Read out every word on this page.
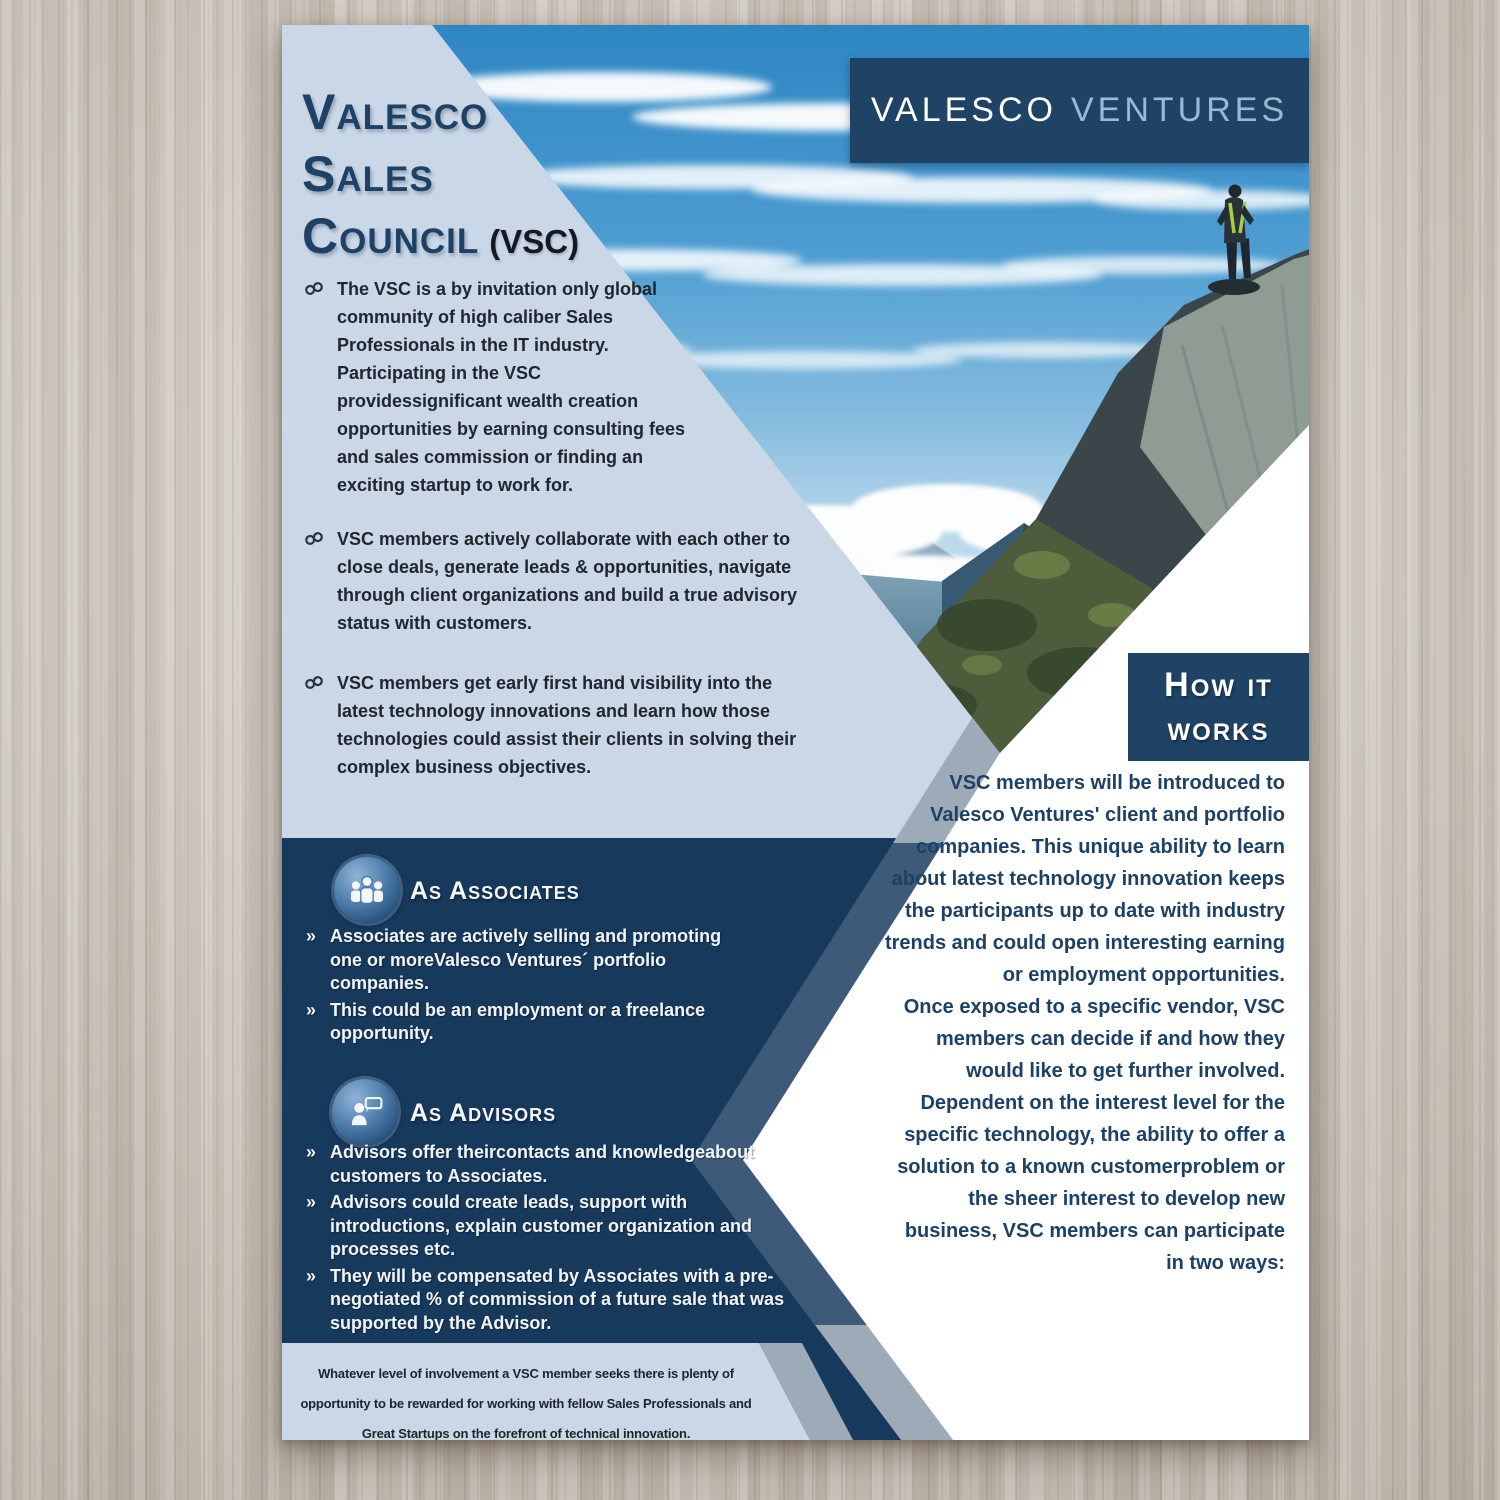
VALESCO VENTURES
Valesco
Sales
Council (VSC)
The VSC is a by invitation only global community of high caliber Sales Professionals in the IT industry. Participating in the VSC providessignificant wealth creation opportunities by earning consulting fees and sales commission or finding an exciting startup to work for.
VSC members actively collaborate with each other to close deals, generate leads & opportunities, navigate through client organizations and build a true advisory status with customers.
VSC members get early first hand visibility into the latest technology innovations and learn how those technologies could assist their clients in solving their complex business objectives.
As Associates
» Associates are actively selling and promoting one or moreValesco Ventures´ portfolio companies.
» This could be an employment or a freelance opportunity.
As Advisors
» Advisors offer theircontacts and knowledgeabout customers to Associates.
» Advisors could create leads, support with introductions, explain customer organization and processes etc.
» They will be compensated by Associates with a pre-negotiated % of commission of a future sale that was supported by the Advisor.
Whatever level of involvement a VSC member seeks there is plenty of opportunity to be rewarded for working with fellow Sales Professionals and Great Startups on the forefront of technical innovation.
How it
works

VSC members will be introduced to Valesco Ventures' client and portfolio companies. This unique ability to learn about latest technology innovation keeps the participants up to date with industry trends and could open interesting earning or employment opportunities.

Once exposed to a specific vendor, VSC members can decide if and how they would like to get further involved. Dependent on the interest level for the specific technology, the ability to offer a solution to a known customerproblem or the sheer interest to develop new business, VSC members can participate in two ways:
